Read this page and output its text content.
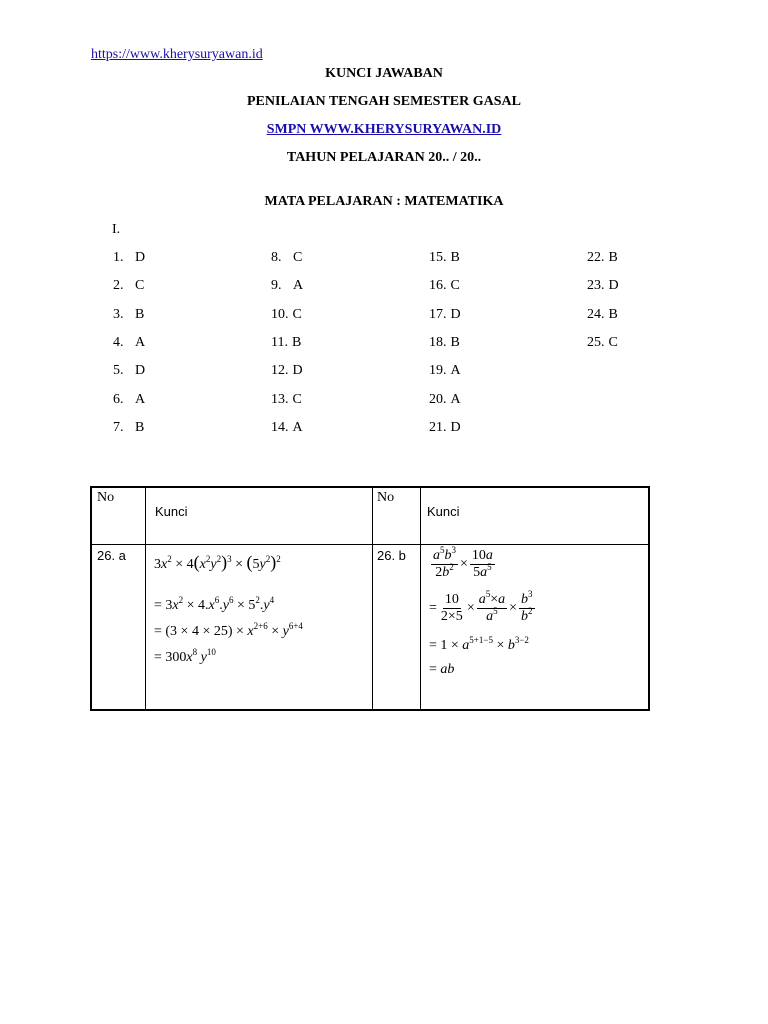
https://www.kherysuryawan.id
KUNCI JAWABAN
PENILAIAN TENGAH SEMESTER GASAL
SMPN WWW.KHERYSURYAWAN.ID
TAHUN PELAJARAN 20.. / 20..
MATA PELAJARAN : MATEMATIKA
I.
1. D
2. C
3. B
4. A
5. D
6. A
7. B
8. C
9. A
10. C
11. B
12. D
13. C
14. A
15. B
16. C
17. D
18. B
19. A
20. A
21. D
22. B
23. D
24. B
25. C
No
Kunci
No
Kunci
26. a	26. b
$3x^2 \times 4(x^2y^2)^3 \times (5y^2)^2$
= $3x^2 \times 4.x^6.y^6 \times 5^2.y^4$
= $(3 \times 4 \times 25) \times x^{2+6} \times y^{6+4}$
= $300x^8$ $y^{10}$
$\frac{a^5b^3}{2b^2} \times \frac{10a}{5a^5}$
= $\frac{10}{2\times 5} \times \frac{a^5\times a}{a^5} \times \frac{b^3}{b^2}$
= $1 \times a^{5+1-5} \times b^{3-2}$
= ab
